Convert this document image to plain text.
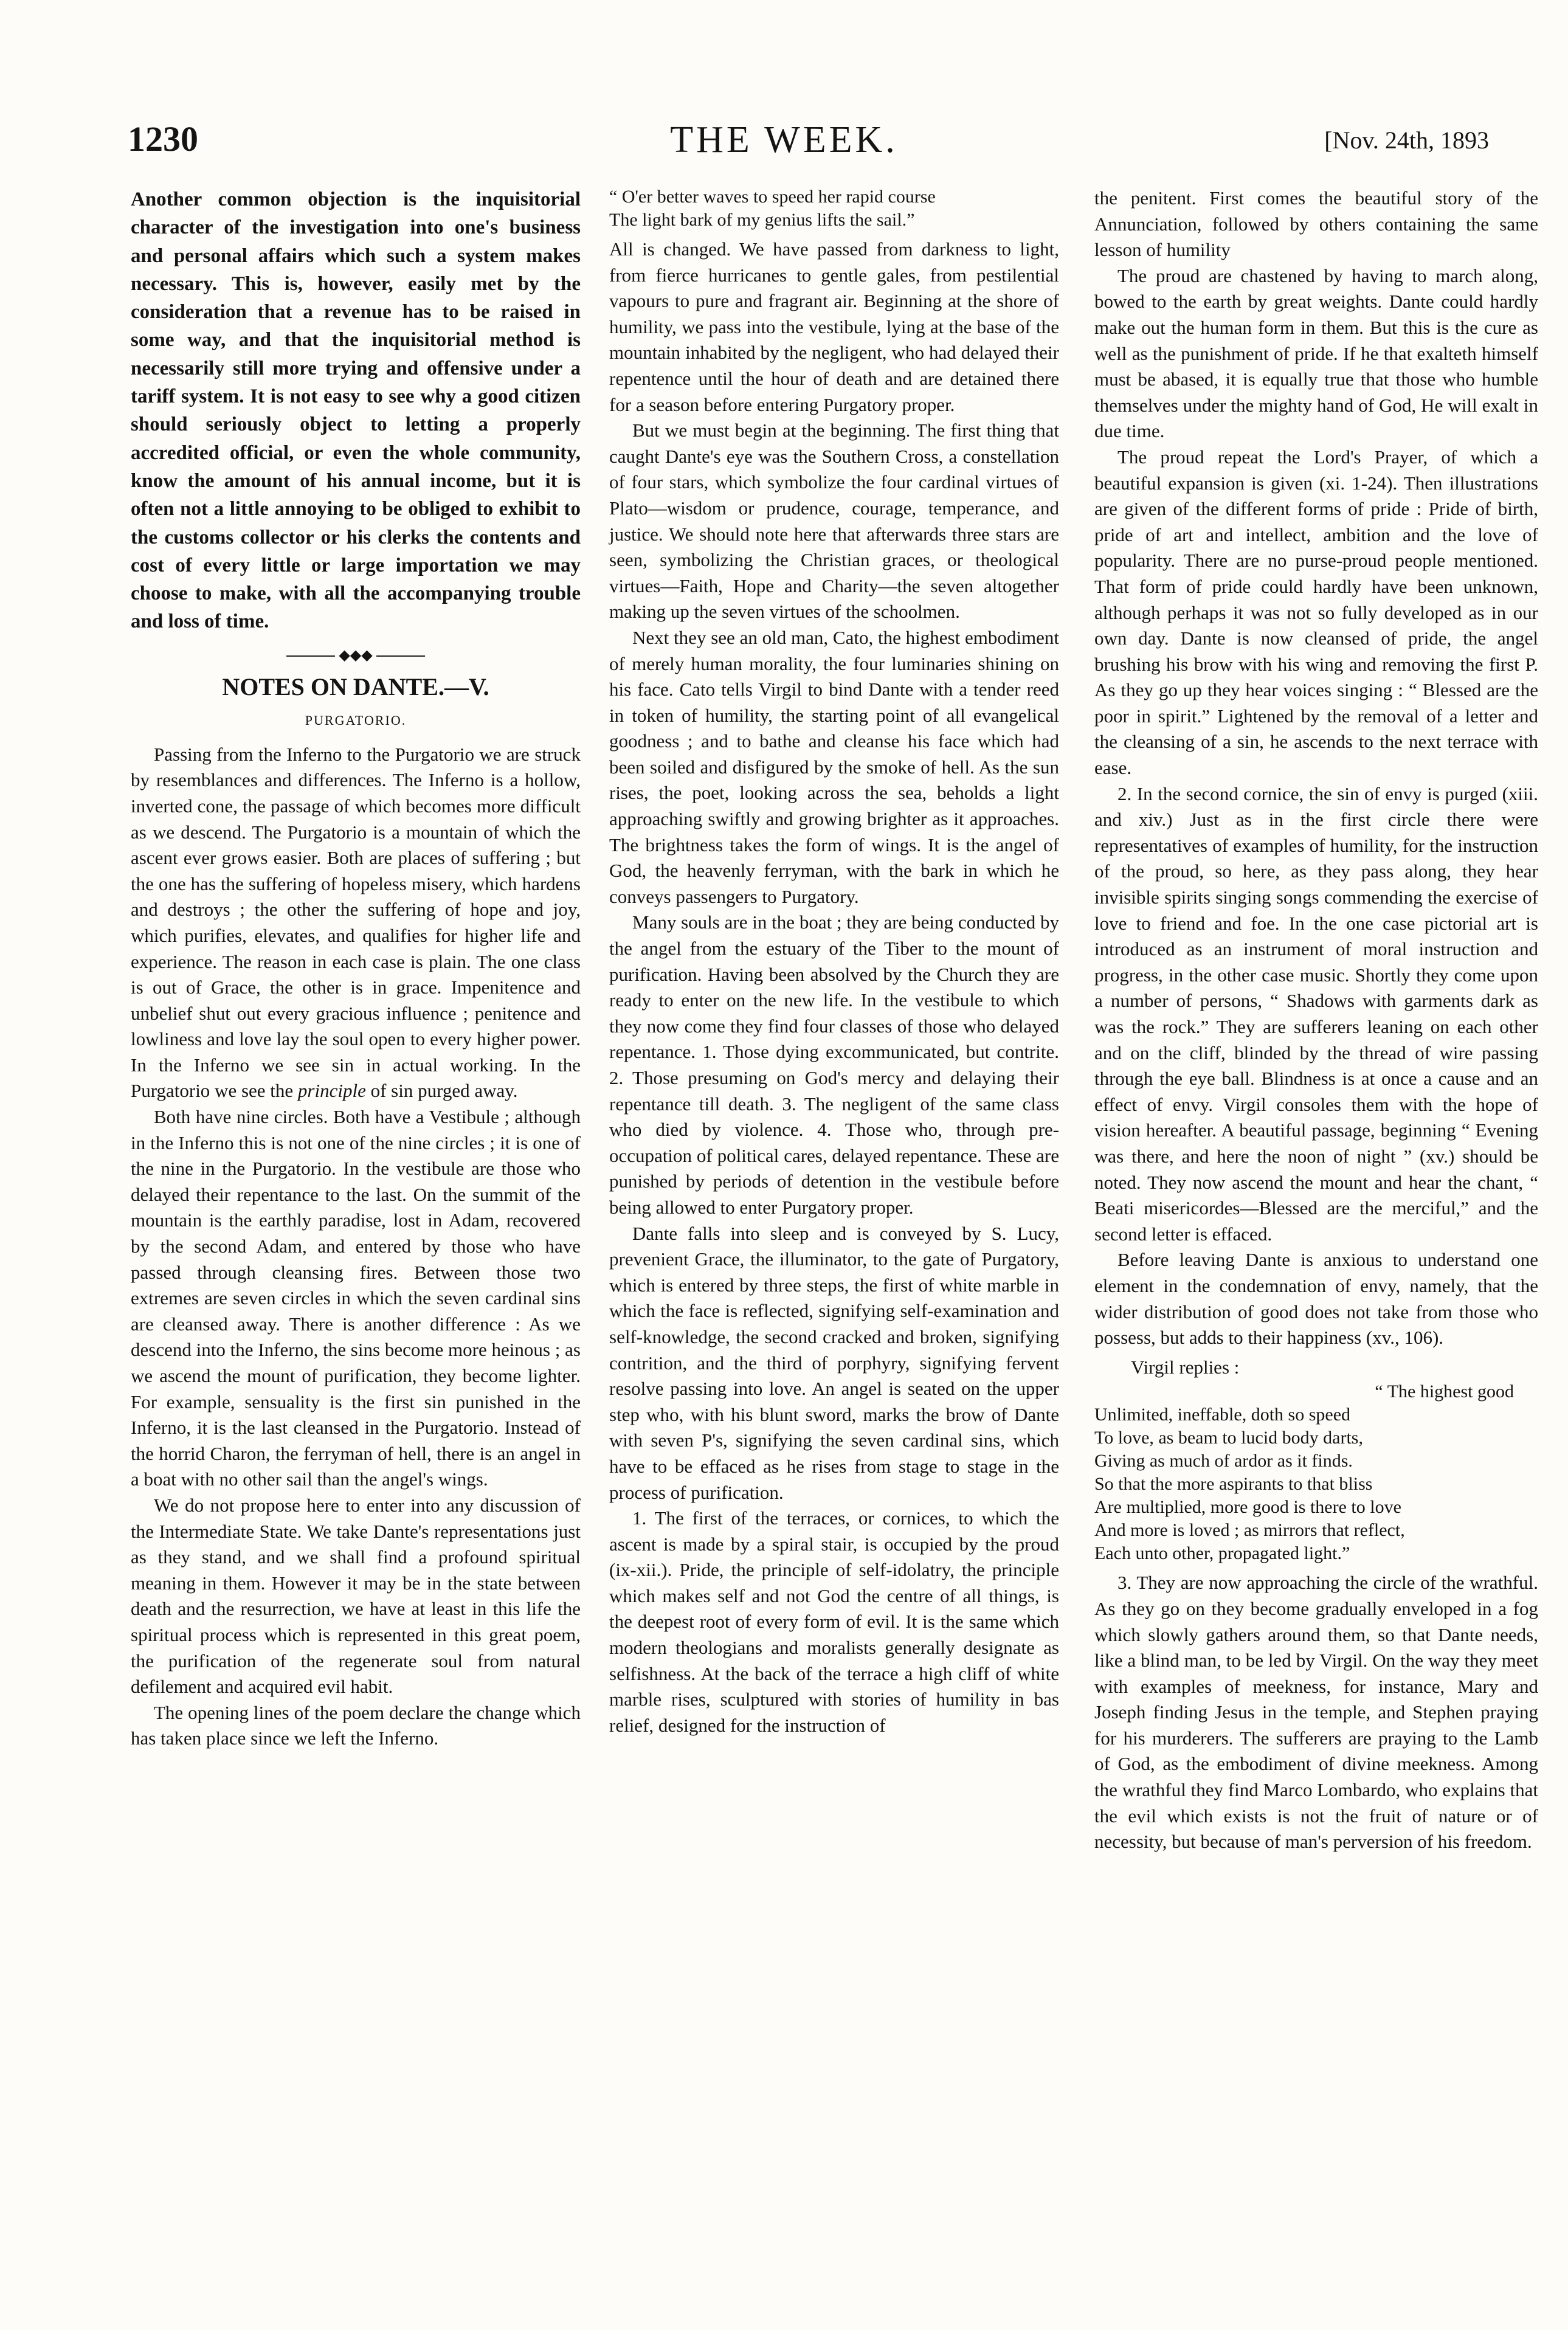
1230	THE WEEK.	[Nov. 24th, 1893

Another common objection is the inquisitorial character of the investigation into one's business and personal affairs which such a system makes necessary. This is, however, easily met by the consideration that a revenue has to be raised in some way, and that the inquisitorial method is necessarily still more trying and offensive under a tariff system. It is not easy to see why a good citizen should seriously object to letting a properly accredited official, or even the whole community, know the amount of his annual income, but it is often not a little annoying to be obliged to exhibit to the customs collector or his clerks the contents and cost of every little or large importation we may choose to make, with all the accompanying trouble and loss of time.

◆◆◆
NOTES ON DANTE.—V.
PURGATORIO.

Passing from the Inferno to the Purgatorio we are struck by resemblances and differences. The Inferno is a hollow, inverted cone, the passage of which becomes more difficult as we descend. The Purgatorio is a mountain of which the ascent ever grows easier. Both are places of suffering ; but the one has the suffering of hopeless misery, which hardens and destroys ; the other the suffering of hope and joy, which purifies, elevates, and qualifies for higher life and experience. The reason in each case is plain. The one class is out of Grace, the other is in grace. Impenitence and unbelief shut out every gracious influence ; penitence and lowliness and love lay the soul open to every higher power. In the Inferno we see sin in actual working. In the Purgatorio we see the principle of sin purged away.

Both have nine circles. Both have a Vestibule ; although in the Inferno this is not one of the nine circles ; it is one of the nine in the Purgatorio. In the vestibule are those who delayed their repentance to the last. On the summit of the mountain is the earthly paradise, lost in Adam, recovered by the second Adam, and entered by those who have passed through cleansing fires. Between those two extremes are seven circles in which the seven cardinal sins are cleansed away. There is another difference : As we descend into the Inferno, the sins become more heinous ; as we ascend the mount of purification, they become lighter. For example, sensuality is the first sin punished in the Inferno, it is the last cleansed in the Purgatorio. Instead of the horrid Charon, the ferryman of hell, there is an angel in a boat with no other sail than the angel's wings.

We do not propose here to enter into any discussion of the Intermediate State. We take Dante's representations just as they stand, and we shall find a profound spiritual meaning in them. However it may be in the state between death and the resurrection, we have at least in this life the spiritual process which is represented in this great poem, the purification of the regenerate soul from natural defilement and acquired evil habit.

The opening lines of the poem declare the change which has taken place since we left the Inferno.

“ O'er better waves to speed her rapid course
The light bark of my genius lifts the sail.”

All is changed. We have passed from darkness to light, from fierce hurricanes to gentle gales, from pestilential vapours to pure and fragrant air. Beginning at the shore of humility, we pass into the vestibule, lying at the base of the mountain inhabited by the negligent, who had delayed their repentence until the hour of death and are detained there for a season before entering Purgatory proper.

But we must begin at the beginning. The first thing that caught Dante's eye was the Southern Cross, a constellation of four stars, which symbolize the four cardinal virtues of Plato—wisdom or prudence, courage, temperance, and justice. We should note here that afterwards three stars are seen, symbolizing the Christian graces, or theological virtues—Faith, Hope and Charity—the seven altogether making up the seven virtues of the schoolmen.

Next they see an old man, Cato, the highest embodiment of merely human morality, the four luminaries shining on his face. Cato tells Virgil to bind Dante with a tender reed in token of humility, the starting point of all evangelical goodness ; and to bathe and cleanse his face which had been soiled and disfigured by the smoke of hell. As the sun rises, the poet, looking across the sea, beholds a light approaching swiftly and growing brighter as it approaches. The brightness takes the form of wings. It is the angel of God, the heavenly ferryman, with the bark in which he conveys passengers to Purgatory.

Many souls are in the boat ; they are being conducted by the angel from the estuary of the Tiber to the mount of purification. Having been absolved by the Church they are ready to enter on the new life. In the vestibule to which they now come they find four classes of those who delayed repentance. 1. Those dying excommunicated, but contrite. 2. Those presuming on God's mercy and delaying their repentance till death. 3. The negligent of the same class who died by violence. 4. Those who, through pre-occupation of political cares, delayed repentance. These are punished by periods of detention in the vestibule before being allowed to enter Purgatory proper.

Dante falls into sleep and is conveyed by S. Lucy, prevenient Grace, the illuminator, to the gate of Purgatory, which is entered by three steps, the first of white marble in which the face is reflected, signifying self-examination and self-knowledge, the second cracked and broken, signifying contrition, and the third of porphyry, signifying fervent resolve passing into love. An angel is seated on the upper step who, with his blunt sword, marks the brow of Dante with seven P's, signifying the seven cardinal sins, which have to be effaced as he rises from stage to stage in the process of purification.

1. The first of the terraces, or cornices, to which the ascent is made by a spiral stair, is occupied by the proud (ix-xii.). Pride, the principle of self-idolatry, the principle which makes self and not God the centre of all things, is the deepest root of every form of evil. It is the same which modern theologians and moralists generally designate as selfishness. At the back of the terrace a high cliff of white marble rises, sculptured with stories of humility in bas relief, designed for the instruction of

the penitent. First comes the beautiful story of the Annunciation, followed by others containing the same lesson of humility

The proud are chastened by having to march along, bowed to the earth by great weights. Dante could hardly make out the human form in them. But this is the cure as well as the punishment of pride. If he that exalteth himself must be abased, it is equally true that those who humble themselves under the mighty hand of God, He will exalt in due time.

The proud repeat the Lord's Prayer, of which a beautiful expansion is given (xi. 1-24). Then illustrations are given of the different forms of pride : Pride of birth, pride of art and intellect, ambition and the love of popularity. There are no purse-proud people mentioned. That form of pride could hardly have been unknown, although perhaps it was not so fully developed as in our own day. Dante is now cleansed of pride, the angel brushing his brow with his wing and removing the first P. As they go up they hear voices singing : “ Blessed are the poor in spirit.” Lightened by the removal of a letter and the cleansing of a sin, he ascends to the next terrace with ease.

2. In the second cornice, the sin of envy is purged (xiii. and xiv.) Just as in the first circle there were representatives of examples of humility, for the instruction of the proud, so here, as they pass along, they hear invisible spirits singing songs commending the exercise of love to friend and foe. In the one case pictorial art is introduced as an instrument of moral instruction and progress, in the other case music. Shortly they come upon a number of persons, “ Shadows with garments dark as was the rock.” They are sufferers leaning on each other and on the cliff, blinded by the thread of wire passing through the eye ball. Blindness is at once a cause and an effect of envy. Virgil consoles them with the hope of vision hereafter. A beautiful passage, beginning “ Evening was there, and here the noon of night ” (xv.) should be noted. They now ascend the mount and hear the chant, “ Beati misericordes—Blessed are the merciful,” and the second letter is effaced.

Before leaving Dante is anxious to understand one element in the condemnation of envy, namely, that the wider distribution of good does not take from those who possess, but adds to their happiness (xv., 106).

Virgil replies :

“ The highest good
Unlimited, ineffable, doth so speed
To love, as beam to lucid body darts,
Giving as much of ardor as it finds.
So that the more aspirants to that bliss
Are multiplied, more good is there to love
And more is loved ; as mirrors that reflect,
Each unto other, propagated light.”

3. They are now approaching the circle of the wrathful. As they go on they become gradually enveloped in a fog which slowly gathers around them, so that Dante needs, like a blind man, to be led by Virgil. On the way they meet with examples of meekness, for instance, Mary and Joseph finding Jesus in the temple, and Stephen praying for his murderers. The sufferers are praying to the Lamb of God, as the embodiment of divine meekness. Among the wrathful they find Marco Lombardo, who explains that the evil which exists is not the fruit of nature or of necessity, but because of man's perversion of his freedom.
